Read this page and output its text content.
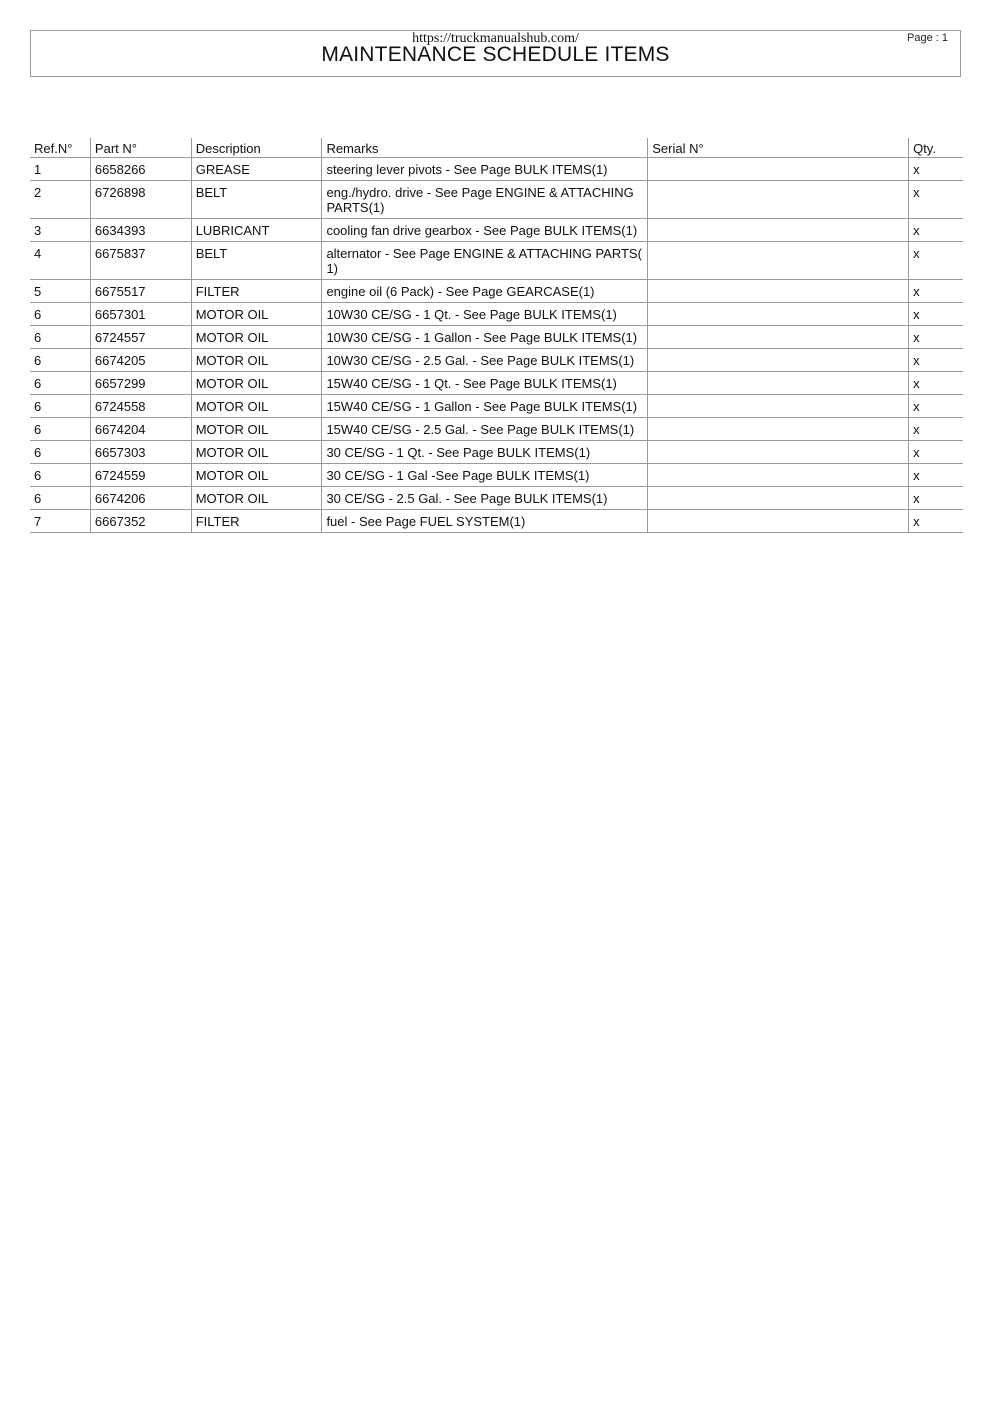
https://truckmanualshub.com/
MAINTENANCE SCHEDULE ITEMS
Page : 1
Ref.N°	Part N°	Description	Remarks	Serial N°	Qty.
1	6658266	GREASE	steering lever pivots - See Page BULK ITEMS(1)		x
2	6726898	BELT	eng./hydro. drive - See Page ENGINE & ATTACHING PARTS(1)		x
3	6634393	LUBRICANT	cooling fan drive gearbox - See Page BULK ITEMS(1)		x
4	6675837	BELT	alternator - See Page ENGINE & ATTACHING PARTS( 1)		x
5	6675517	FILTER	engine oil (6 Pack) - See Page GEARCASE(1)		x
6	6657301	MOTOR OIL	10W30 CE/SG - 1 Qt. - See Page BULK ITEMS(1)		x
6	6724557	MOTOR OIL	10W30 CE/SG - 1 Gallon - See Page BULK ITEMS(1)		x
6	6674205	MOTOR OIL	10W30 CE/SG - 2.5 Gal. - See Page BULK ITEMS(1)		x
6	6657299	MOTOR OIL	15W40 CE/SG - 1 Qt. - See Page BULK ITEMS(1)		x
6	6724558	MOTOR OIL	15W40 CE/SG - 1 Gallon - See Page BULK ITEMS(1)		x
6	6674204	MOTOR OIL	15W40 CE/SG - 2.5 Gal. - See Page BULK ITEMS(1)		x
6	6657303	MOTOR OIL	30 CE/SG - 1 Qt. - See Page BULK ITEMS(1)		x
6	6724559	MOTOR OIL	30 CE/SG - 1 Gal -See Page BULK ITEMS(1)		x
6	6674206	MOTOR OIL	30 CE/SG - 2.5 Gal. - See Page BULK ITEMS(1)		x
7	6667352	FILTER	fuel - See Page FUEL SYSTEM(1)		x
